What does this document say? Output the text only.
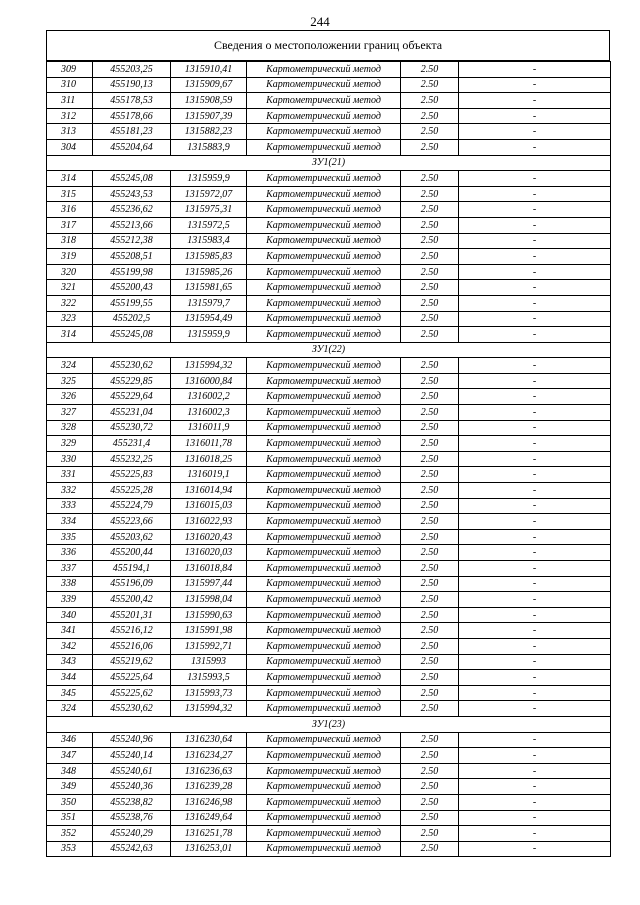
244
Сведения о местоположении границ объекта
309	455203,25	1315910,41	Картометрический метод	2.50	-
310	455190,13	1315909,67	Картометрический метод	2.50	-
311	455178,53	1315908,59	Картометрический метод	2.50	-
312	455178,66	1315907,39	Картометрический метод	2.50	-
313	455181,23	1315882,23	Картометрический метод	2.50	-
304	455204,64	1315883,9	Картометрический метод	2.50	-
ЗУ1(21)					
314	455245,08	1315959,9	Картометрический метод	2.50	-
315	455243,53	1315972,07	Картометрический метод	2.50	-
316	455236,62	1315975,31	Картометрический метод	2.50	-
317	455213,66	1315972,5	Картометрический метод	2.50	-
318	455212,38	1315983,4	Картометрический метод	2.50	-
319	455208,51	1315985,83	Картометрический метод	2.50	-
320	455199,98	1315985,26	Картометрический метод	2.50	-
321	455200,43	1315981,65	Картометрический метод	2.50	-
322	455199,55	1315979,7	Картометрический метод	2.50	-
323	455202,5	1315954,49	Картометрический метод	2.50	-
314	455245,08	1315959,9	Картометрический метод	2.50	-
ЗУ1(22)					
324	455230,62	1315994,32	Картометрический метод	2.50	-
325	455229,85	1316000,84	Картометрический метод	2.50	-
326	455229,64	1316002,2	Картометрический метод	2.50	-
327	455231,04	1316002,3	Картометрический метод	2.50	-
328	455230,72	1316011,9	Картометрический метод	2.50	-
329	455231,4	1316011,78	Картометрический метод	2.50	-
330	455232,25	1316018,25	Картометрический метод	2.50	-
331	455225,83	1316019,1	Картометрический метод	2.50	-
332	455225,28	1316014,94	Картометрический метод	2.50	-
333	455224,79	1316015,03	Картометрический метод	2.50	-
334	455223,66	1316022,93	Картометрический метод	2.50	-
335	455203,62	1316020,43	Картометрический метод	2.50	-
336	455200,44	1316020,03	Картометрический метод	2.50	-
337	455194,1	1316018,84	Картометрический метод	2.50	-
338	455196,09	1315997,44	Картометрический метод	2.50	-
339	455200,42	1315998,04	Картометрический метод	2.50	-
340	455201,31	1315990,63	Картометрический метод	2.50	-
341	455216,12	1315991,98	Картометрический метод	2.50	-
342	455216,06	1315992,71	Картометрический метод	2.50	-
343	455219,62	1315993	Картометрический метод	2.50	-
344	455225,64	1315993,5	Картометрический метод	2.50	-
345	455225,62	1315993,73	Картометрический метод	2.50	-
324	455230,62	1315994,32	Картометрический метод	2.50	-
ЗУ1(23)					
346	455240,96	1316230,64	Картометрический метод	2.50	-
347	455240,14	1316234,27	Картометрический метод	2.50	-
348	455240,61	1316236,63	Картометрический метод	2.50	-
349	455240,36	1316239,28	Картометрический метод	2.50	-
350	455238,82	1316246,98	Картометрический метод	2.50	-
351	455238,76	1316249,64	Картометрический метод	2.50	-
352	455240,29	1316251,78	Картометрический метод	2.50	-
353	455242,63	1316253,01	Картометрический метод	2.50	-
